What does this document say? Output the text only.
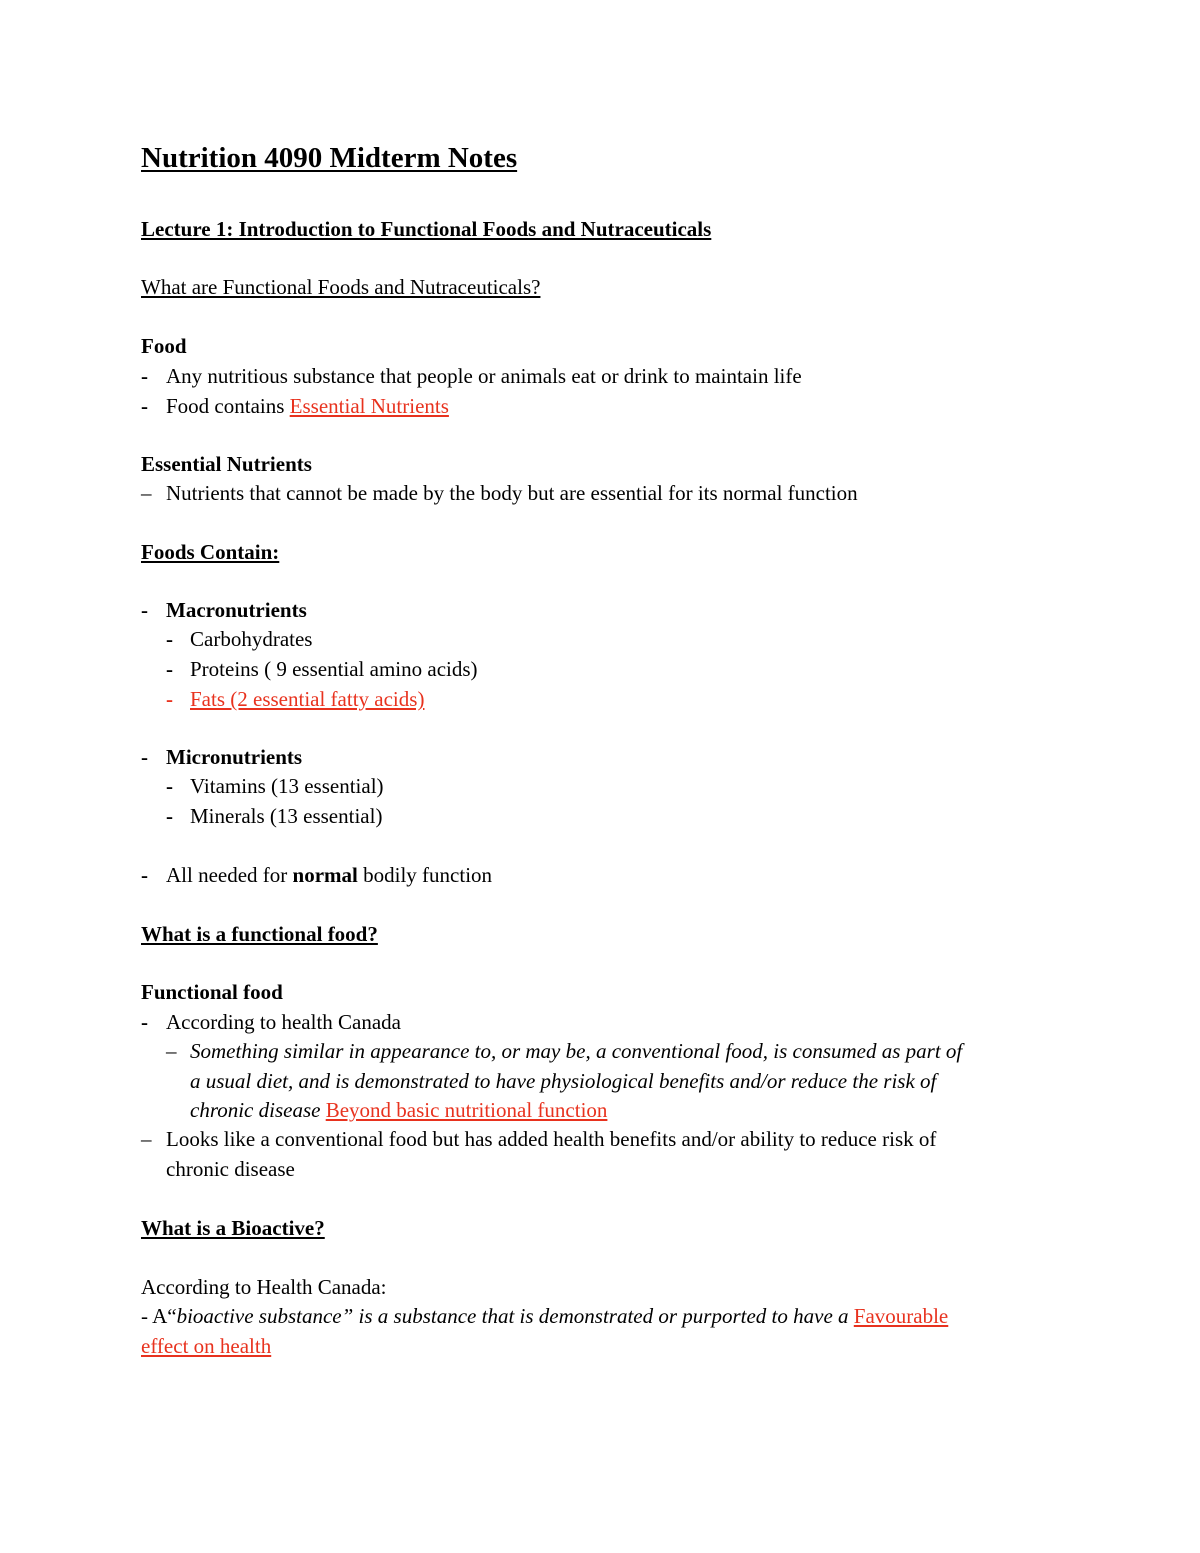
Nutrition 4090 Midterm Notes
Lecture 1: Introduction to Functional Foods and Nutraceuticals
What are Functional Foods and Nutraceuticals?
Food
- Any nutritious substance that people or animals eat or drink to maintain life
- Food contains Essential Nutrients
Essential Nutrients
– Nutrients that cannot be made by the body but are essential for its normal function
Foods Contain:
- Macronutrients
- Carbohydrates
- Proteins ( 9 essential amino acids)
- Fats (2 essential fatty acids)
- Micronutrients
- Vitamins (13 essential)
- Minerals (13 essential)
- All needed for normal bodily function
What is a functional food?
Functional food
- According to health Canada
– Something similar in appearance to, or may be, a conventional food, is consumed as part of
a usual diet, and is demonstrated to have physiological benefits and/or reduce the risk of
chronic disease Beyond basic nutritional function
– Looks like a conventional food but has added health benefits and/or ability to reduce risk of
chronic disease
What is a Bioactive?
According to Health Canada:
- A“bioactive substance” is a substance that is demonstrated or purported to have a Favourable
effect on health
